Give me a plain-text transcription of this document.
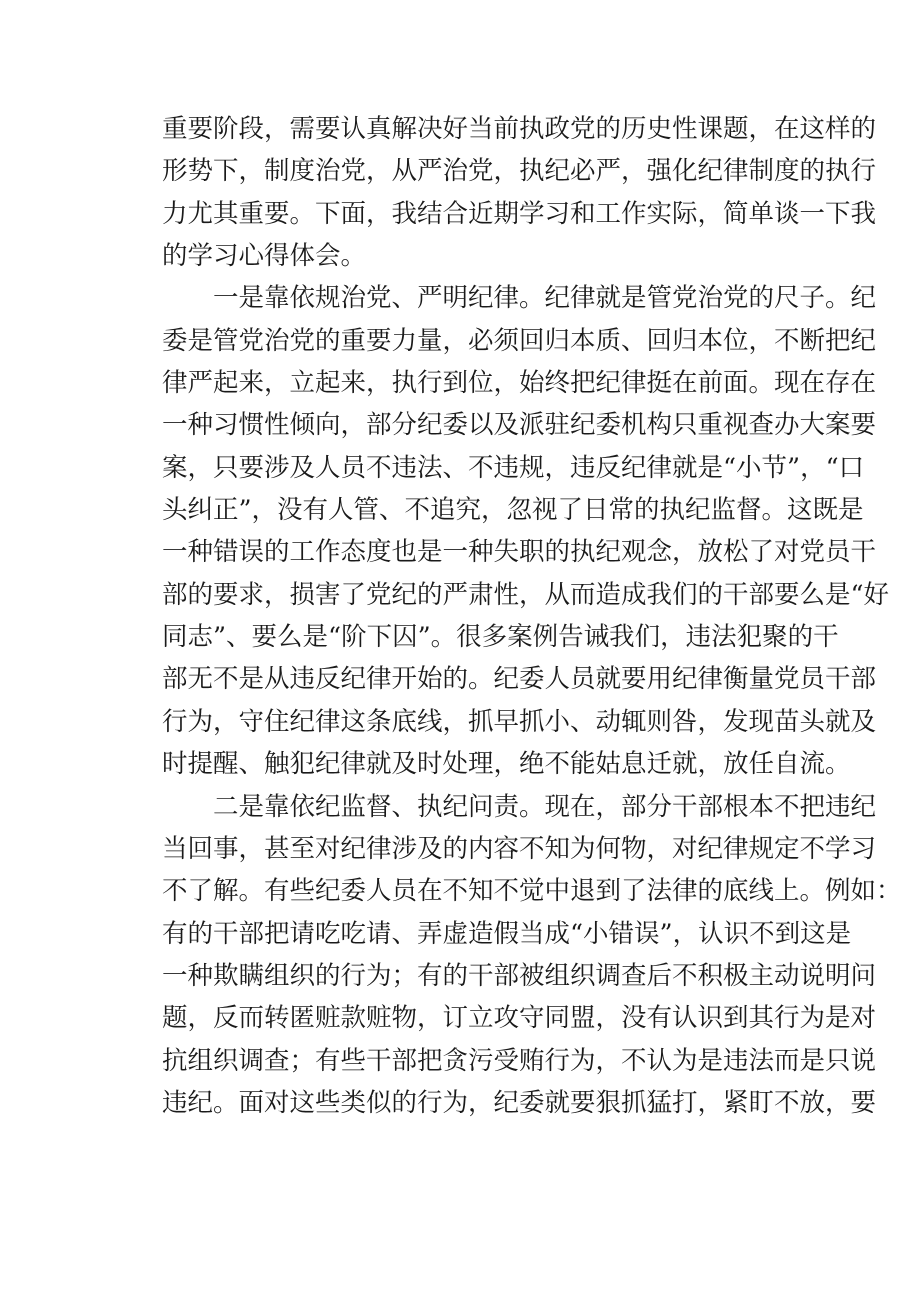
重要阶段，需要认真解决好当前执政党的历史性课题，在这样的
形势下，制度治党，从严治党，执纪必严，强化纪律制度的执行
力尤其重要。下面，我结合近期学习和工作实际，简单谈一下我
的学习心得体会。
一是靠依规治党、严明纪律。纪律就是管党治党的尺子。纪
委是管党治党的重要力量，必须回归本质、回归本位，不断把纪
律严起来，立起来，执行到位，始终把纪律挺在前面。现在存在
一种习惯性倾向，部分纪委以及派驻纪委机构只重视查办大案要
案，只要涉及人员不违法、不违规，违反纪律就是“小节”，“口
头纠正”，没有人管、不追究，忽视了日常的执纪监督。这既是
一种错误的工作态度也是一种失职的执纪观念，放松了对党员干
部的要求，损害了党纪的严肃性，从而造成我们的干部要么是“好
同志”、要么是“阶下囚”。很多案例告诫我们，违法犯聚的干
部无不是从违反纪律开始的。纪委人员就要用纪律衡量党员干部
行为，守住纪律这条底线，抓早抓小、动辄则咎，发现苗头就及
时提醒、触犯纪律就及时处理，绝不能姑息迁就，放任自流。
二是靠依纪监督、执纪问责。现在，部分干部根本不把违纪
当回事，甚至对纪律涉及的内容不知为何物，对纪律规定不学习
不了解。有些纪委人员在不知不觉中退到了法律的底线上。例如：
有的干部把请吃吃请、弄虚造假当成“小错误”，认识不到这是
一种欺瞒组织的行为；有的干部被组织调查后不积极主动说明问
题，反而转匿赃款赃物，订立攻守同盟，没有认识到其行为是对
抗组织调查；有些干部把贪污受贿行为，不认为是违法而是只说
违纪。面对这些类似的行为，纪委就要狠抓猛打，紧盯不放，要
